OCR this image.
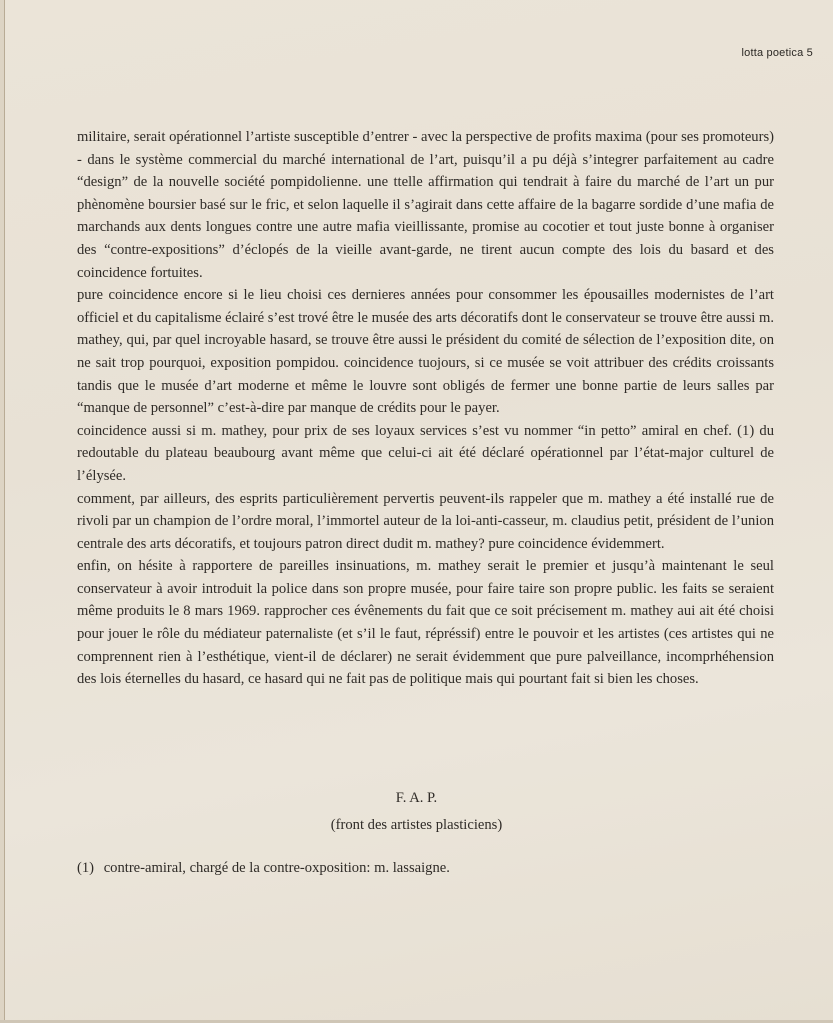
lotta poetica 5

militaire, serait opérationnel l’artiste susceptible d’entrer - avec la perspective de profits maxima (pour ses promoteurs) - dans le système commercial du marché international de l’art, puisqu’il a pu déjà s’integrer parfaitement au cadre “design” de la nouvelle société pompidolienne. une ttelle affirmation qui tendrait à faire du marché de l’art un pur phènomène boursier basé sur le fric, et selon laquelle il s’agirait dans cette affaire de la bagarre sordide d’une mafia de marchands aux dents longues contre une autre mafia vieillissante, promise au cocotier et tout juste bonne à organiser des “contre-expositions” d’éclopés de la vieille avant-garde, ne tirent aucun compte des lois du basard et des coincidence fortuites.

pure coincidence encore si le lieu choisi ces dernieres années pour consommer les épousailles modernistes de l’art officiel et du capitalisme éclairé s’est trové être le musée des arts décoratifs dont le conservateur se trouve être aussi m. mathey, qui, par quel incroyable hasard, se trouve être aussi le président du comité de sélection de l’exposition dite, on ne sait trop pourquoi, exposition pompidou. coincidence tuojours, si ce musée se voit attribuer des crédits croissants tandis que le musée d’art moderne et même le louvre sont obligés de fermer une bonne partie de leurs salles par “manque de personnel” c’est-à-dire par manque de crédits pour le payer.

coincidence aussi si m. mathey, pour prix de ses loyaux services s’est vu nommer “in petto” amiral en chef. (1) du redoutable du plateau beaubourg avant même que celui-ci ait été déclaré opérationnel par l’état-major culturel de l’élysée.

comment, par ailleurs, des esprits particulièrement pervertis peuvent-ils rappeler que m. mathey a été installé rue de rivoli par un champion de l’ordre moral, l’immortel auteur de la loi-anti-casseur, m. claudius petit, président de l’union centrale des arts décoratifs, et toujours patron direct dudit m. mathey? pure coincidence évidemmert.

enfin, on hésite à rapportere de pareilles insinuations, m. mathey serait le premier et jusqu’à maintenant le seul conservateur à avoir introduit la police dans son propre musée, pour faire taire son propre public. les faits se seraient même produits le 8 mars 1969. rapprocher ces évênements du fait que ce soit précisement m. mathey aui ait été choisi pour jouer le rôle du médiateur paternaliste (et s’il le faut, répréssif) entre le pouvoir et les artistes (ces artistes qui ne comprennent rien à l’esthétique, vient-il de déclarer) ne serait évidemment que pure palveillance, incomprhéhension des lois éternelles du hasard, ce hasard qui ne fait pas de politique mais qui pourtant fait si bien les choses.

F. A. P.
(front des artistes plasticiens)
(1) contre-amiral, chargé de la contre-oxposition: m. lassaigne.
